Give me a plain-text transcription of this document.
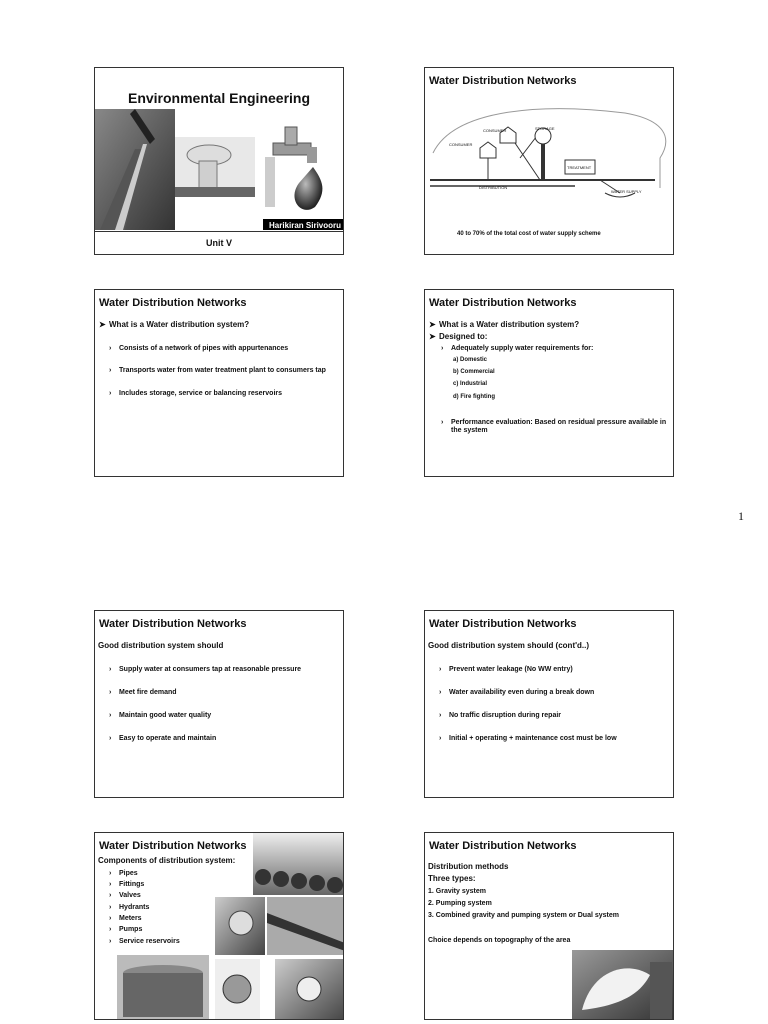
Environmental Engineering
Harikiran Sirivooru
Unit V
Water Distribution Networks
CONSUMER
CONSUMER	STORAGE
TREATMENT
DISTRIBUTION
WATER SUPPLY
40 to 70% of the total cost of water supply scheme
Water Distribution Networks
➤ What is a Water distribution system?
› Consists of a network of pipes with appurtenances
› Transports water from water treatment plant to consumers tap
› Includes storage, service or balancing reservoirs
Water Distribution Networks
➤ What is a Water distribution system?
➤ Designed to:
› Adequately supply water requirements for:
a) Domestic
b) Commercial
c) Industrial
d) Fire fighting
› Performance evaluation: Based on residual pressure available in
the system
1
Water Distribution Networks
Good distribution system should
› Supply water at consumers tap at reasonable pressure
› Meet fire demand
› Maintain good water quality
› Easy to operate and maintain
Water Distribution Networks
Good distribution system should (cont'd..)
› Prevent water leakage (No WW entry)
› Water availability even during a break down
› No traffic disruption during repair
› Initial + operating + maintenance cost must be low
Water Distribution Networks
Components of distribution system:
› Pipes
› Fittings
› Valves
› Hydrants
› Meters
› Pumps
› Service reservoirs
Water Distribution Networks
Distribution methods
Three types:
1. Gravity system
2. Pumping system
3. Combined gravity and pumping system or Dual system
Choice depends on topography of the area
